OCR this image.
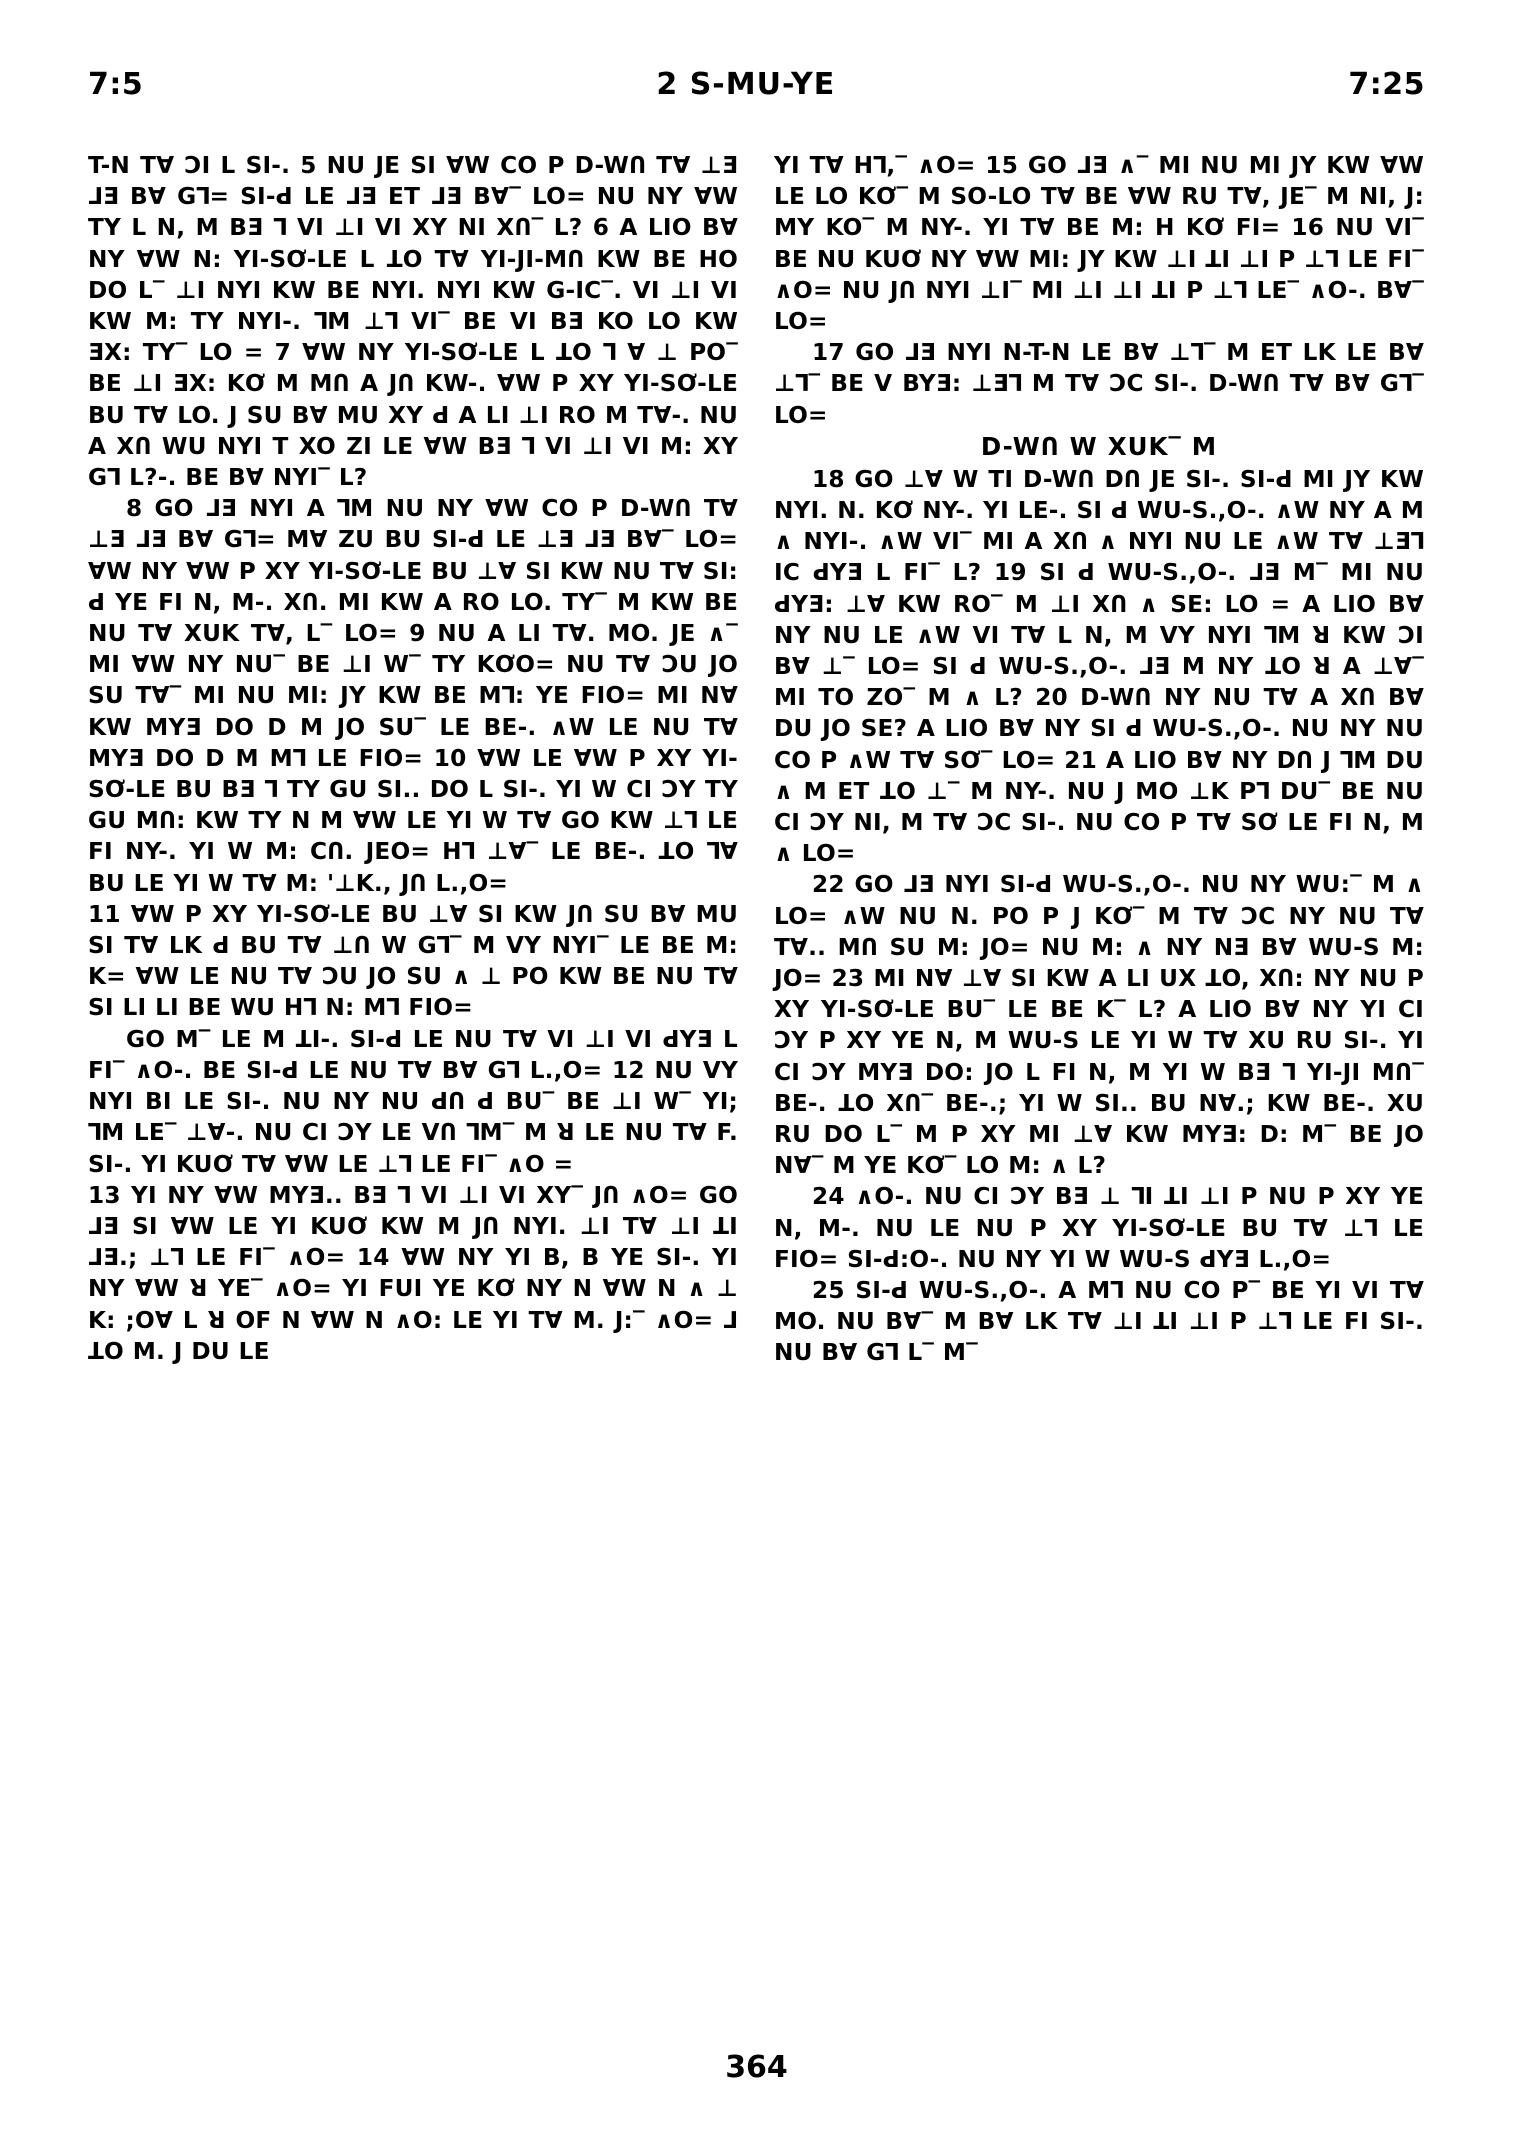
7:5	2 S-MU-YE	7:25

T-N T∀ ƆI L SI-. 5 NU JE SI ∀W CO P D-WՈ T∀ ⊥Ǝ ⅃Ǝ B∀ G⅂= SI-ꓒ LE ⅃Ǝ ET ⅃Ǝ B∀‾ LO= NU NY ∀W TY L N, M BƎ ⅂ VI ⊥I VI XY NI XՈ‾ L? 6 A LIO B∀ NY ∀W N: YI-SƠ-LE L ꓕO T∀ YI-JI-MՈ KW BE HO DO L‾ ⊥I NYI KW BE NYI. NYI KW G-IC‾. VI ⊥I VI KW M: TY NYI-. ⅂M ⊥⅂ VI‾ BE VI BƎ KO LO KW ƎX: TY‾ LO = 7 ∀W NY YI-SƠ-LE L ꓕO ⅂ ∀ ⊥ PO‾ BE ⊥I ƎX: KƠ M MՈ A JՈ KW-. ∀W P XY YI-SƠ-LE BU T∀ LO. J SU B∀ MU XY ꓒ A LI ⊥I RO M T∀-. NU A XՈ WU NYI T XO ZI LE ∀W BƎ ⅂ VI ⊥I VI M: XY G⅂ L?-. BE B∀ NYI‾ L?

8 GO ⅃Ǝ NYI A ⅂M NU NY ∀W CO P D-WՈ T∀ ⊥Ǝ ⅃Ǝ B∀ G⅂= M∀ ZU BU SI-ꓒ LE ⊥Ǝ ⅃Ǝ B∀‾ LO= ∀W NY ∀W P XY YI-SƠ-LE BU ⊥∀ SI KW NU T∀ SI: ꓒ YE FI N, M-. XՈ. MI KW A RO LO. TY‾ M KW BE NU T∀ XUK T∀, L‾ LO= 9 NU A LI T∀. MO. JE ∧‾ MI ∀W NY NU‾ BE ⊥I W‾ TY KƠO= NU T∀ ƆU JO SU T∀‾ MI NU MI: JY KW BE M⅂: YE FIO= MI N∀ KW MYƎ DO D M JO SU‾ LE BE-. ∧W LE NU T∀ MYƎ DO D M M⅂ LE FIO= 10 ∀W LE ∀W P XY YI-SƠ-LE BU BƎ ⅂ TY GU SI.. DO L SI-. YI W CI ƆY TY GU MՈ: KW TY N M ∀W LE YI W T∀ GO KW ⊥⅂ LE FI NY-. YI W M: CՈ. JEO= H⅂ ⊥∀‾ LE BE-. ꓕO ⅂∀ BU LE YI W T∀ M: '⊥K., JՈ L.,O=

11 ∀W P XY YI-SƠ-LE BU ⊥∀ SI KW JՈ SU B∀ MU SI T∀ LK ꓒ BU T∀ ⊥Ո W G⅂‾ M VY NYI‾ LE BE M: K= ∀W LE NU T∀ ƆU JO SU ∧ ⊥ PO KW BE NU T∀ SI LI LI BE WU H⅂ N: M⅂ FIO=

GO M‾ LE M ꓕI-. SI-ꓒ LE NU T∀ VI ⊥I VI ꓒYƎ L FI‾ ∧O-. BE SI-ꓒ LE NU T∀ B∀ G⅂ L.,O= 12 NU VY NYI BI LE SI-. NU NY NU ꓒՈ ꓒ BU‾ BE ⊥I W‾ YI; ⅂M LE‾ ⊥∀-. NU CI ƆY LE VՈ ⅂M‾ M ꓤ LE NU T∀ F. SI-. YI KUƠ T∀ ∀W LE ⊥⅂ LE FI‾ ∧O =

13 YI NY ∀W MYƎ.. BƎ ⅂ VI ⊥I VI XY‾ JՈ ∧O= GO ⅃Ǝ SI ∀W LE YI KUƠ KW M JՈ NYI. ⊥I T∀ ⊥I ꓕI ⅃Ǝ.; ⊥⅂ LE FI‾ ∧O= 14 ∀W NY YI B, B YE SI-. YI NY ∀W ꓤ YE‾ ∧O= YI FUI YE KƠ NY N ∀W N ∧ ⊥ K: ;O∀ L ꓤ OF N ∀W N ∧O: LE YI T∀ M. J:‾ ∧O= ⅃ ꓕO M. J DU LE

YI T∀ H⅂,‾ ∧O= 15 GO ⅃Ǝ ∧‾ MI NU MI JY KW ∀W LE LO KƠ‾ M SO-LO T∀ BE ∀W RU T∀, JE‾ M NI, J: MY KO‾ M NY-. YI T∀ BE M: H KƠ FI= 16 NU VI‾ BE NU KUƠ NY ∀W MI: JY KW ⊥I ꓕI ⊥I P ⊥⅂ LE FI‾ ∧O= NU JՈ NYI ⊥I‾ MI ⊥I ⊥I ꓕI P ⊥⅂ LE‾ ∧O-. B∀‾ LO=

17 GO ⅃Ǝ NYI N-T-N LE B∀ ⊥⅂‾ M ET LK LE B∀ ⊥⅂‾ BE V BYƎ: ⊥Ǝ⅂ M T∀ ƆC SI-. D-WՈ T∀ B∀ G⅂‾ LO=

D-WՈ W XUK‾ M

18 GO ⊥∀ W TI D-WՈ DՈ JE SI-. SI-ꓒ MI JY KW NYI. N. KƠ NY-. YI LE-. SI ꓒ WU-S.,O-. ∧W NY A M ∧ NYI-. ∧W VI‾ MI A XՈ ∧ NYI NU LE ∧W T∀ ⊥Ǝ⅂ IC ꓒYƎ L FI‾ L? 19 SI ꓒ WU-S.,O-. ⅃Ǝ M‾ MI NU ꓒYƎ: ⊥∀ KW RO‾ M ⊥I XՈ ∧ SE: LO = A LIO B∀ NY NU LE ∧W VI T∀ L N, M VY NYI ⅂M ꓤ KW ƆI B∀ ⊥‾ LO= SI ꓒ WU-S.,O-. ⅃Ǝ M NY ꓕO ꓤ A ⊥∀‾ MI TO ZO‾ M ∧ L? 20 D-WՈ NY NU T∀ A XՈ B∀ DU JO SE? A LIO B∀ NY SI ꓒ WU-S.,O-. NU NY NU CO P ∧W T∀ SƠ‾ LO= 21 A LIO B∀ NY DՈ J ⅂M DU ∧ M ET ꓕO ⊥‾ M NY-. NU J MO ⊥K P⅂ DU‾ BE NU CI ƆY NI, M T∀ ƆC SI-. NU CO P T∀ SƠ LE FI N, M ∧ LO=

22 GO ⅃Ǝ NYI SI-ꓒ WU-S.,O-. NU NY WU:‾ M ∧ LO= ∧W NU N. PO P J KƠ‾ M T∀ ƆC NY NU T∀ T∀.. MՈ SU M: JO= NU M: ∧ NY NƎ B∀ WU-S M: JO= 23 MI N∀ ⊥∀ SI KW A LI UX ꓕO, XՈ: NY NU P XY YI-SƠ-LE BU‾ LE BE K‾ L? A LIO B∀ NY YI CI ƆY P XY YE N, M WU-S LE YI W T∀ XU RU SI-. YI CI ƆY MYƎ DO: JO L FI N, M YI W BƎ ⅂ YI-JI MՈ‾ BE-. ꓕO XՈ‾ BE-.; YI W SI.. BU N∀.; KW BE-. XU RU DO L‾ M P XY MI ⊥∀ KW MYƎ: D: M‾ BE JO N∀‾ M YE KƠ‾ LO M: ∧ L?

24 ∧O-. NU CI ƆY BƎ ⊥ ⅂I ꓕI ⊥I P NU P XY YE N, M-. NU LE NU P XY YI-SƠ-LE BU T∀ ⊥⅂ LE FIO= SI-ꓒ:O-. NU NY YI W WU-S ꓒYƎ L.,O=

25 SI-ꓒ WU-S.,O-. A M⅂ NU CO P‾ BE YI VI T∀ MO. NU B∀‾ M B∀ LK T∀ ⊥I ꓕI ⊥I P ⊥⅂ LE FI SI-. NU B∀ G⅂ L‾ M‾

364
